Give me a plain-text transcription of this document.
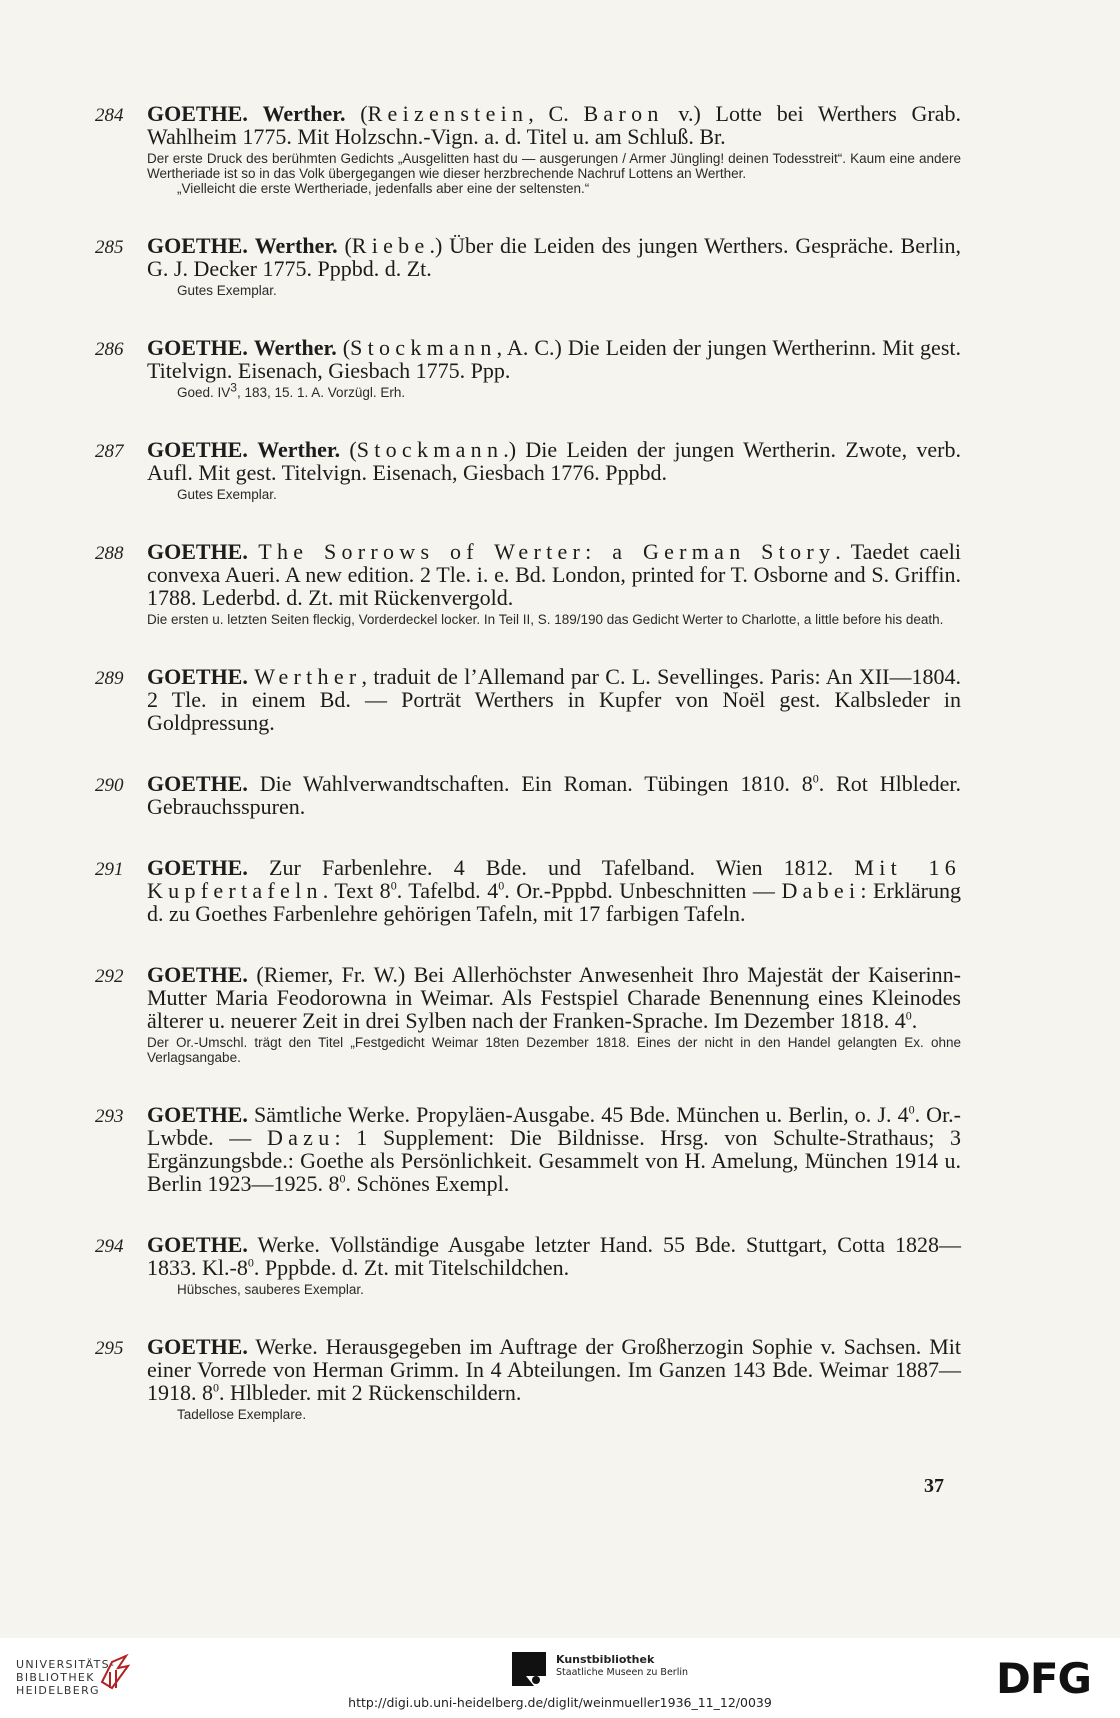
284	GOETHE. Werther. (Reizenstein, C. Baron v.) Lotte bei Werthers Grab. Wahlheim 1775. Mit Holzschn.-Vign. a. d. Titel u. am Schluß. Br.
Der erste Druck des berühmten Gedichts „Ausgelitten hast du — ausgerungen / Armer Jüngling! deinen Todesstreit“. Kaum eine andere Wertheriade ist so in das Volk übergegangen wie dieser herzbrechende Nachruf Lottens an Werther.
„Vielleicht die erste Wertheriade, jedenfalls aber eine der seltensten.“
285	GOETHE. Werther. (Riebe.) Über die Leiden des jungen Werthers. Gespräche. Berlin, G. J. Decker 1775. Pppbd. d. Zt.
Gutes Exemplar.
286	GOETHE. Werther. (Stockmann, A. C.) Die Leiden der jungen Wertherinn. Mit gest. Titelvign. Eisenach, Giesbach 1775. Ppp.
Goed. $IV^3$, 183, 15. 1. A. Vorzügl. Erh.
287	GOETHE. Werther. (Stockmann.) Die Leiden der jungen Wertherin. Zwote, verb. Aufl. Mit gest. Titelvign. Eisenach, Giesbach 1776. Pppbd.
Gutes Exemplar.
288	GOETHE. The Sorrows of Werter: a German Story. Taedet caeli convexa Aueri. A new edition. 2 Tle. i. e. Bd. London, printed for T. Osborne and S. Griffin. 1788. Lederbd. d. Zt. mit Rückenvergold.
Die ersten u. letzten Seiten fleckig, Vorderdeckel locker. In Teil II, S. 189/190 das Gedicht Werter to Charlotte, a little before his death.
289	GOETHE. Werther, traduit de l’Allemand par C. L. Sevellinges. Paris: An XII—1804. 2 Tle. in einem Bd. — Porträt Werthers in Kupfer von Noël gest. Kalbsleder in Goldpressung.
290	GOETHE. Die Wahlverwandtschaften. Ein Roman. Tübingen 1810. $8^0$. Rot Hlbleder. Gebrauchsspuren.
291	GOETHE. Zur Farbenlehre. 4 Bde. und Tafelband. Wien 1812. Mit 16 Kupfertafeln. Text $8^0$. Tafelbd. $4^0$. Or.-Pppbd. Unbeschnitten — Dabei: Erklärung d. zu Goethes Farbenlehre gehörigen Tafeln, mit 17 farbigen Tafeln.
292	GOETHE. (Riemer, Fr. W.) Bei Allerhöchster Anwesenheit Ihro Majestät der Kaiserinn-Mutter Maria Feodorowna in Weimar. Als Festspiel Charade Benennung eines Kleinodes älterer u. neuerer Zeit in drei Sylben nach der Franken-Sprache. Im Dezember 1818. $4^0$.
Der Or.-Umschl. trägt den Titel „Festgedicht Weimar 18ten Dezember 1818. Eines der nicht in den Handel gelangten Ex. ohne Verlagsangabe.
293	GOETHE. Sämtliche Werke. Propyläen-Ausgabe. 45 Bde. München u. Berlin, o. J. $4^0$. Or.-Lwbde. — Dazu: 1 Supplement: Die Bildnisse. Hrsg. von Schulte-Strathaus; 3 Ergänzungsbde.: Goethe als Persönlichkeit. Gesammelt von H. Amelung, München 1914 u. Berlin 1923—1925. $8^0$. Schönes Exempl.
294	GOETHE. Werke. Vollständige Ausgabe letzter Hand. 55 Bde. Stuttgart, Cotta 1828—1833. $Kl.-8^0$. Pppbde. d. Zt. mit Titelschildchen.
Hübsches, sauberes Exemplar.
295	GOETHE. Werke. Herausgegeben im Auftrage der Großherzogin Sophie v. Sachsen. Mit einer Vorrede von Herman Grimm. In 4 Abteilungen. Im Ganzen 143 Bde. Weimar 1887—1918. $8^0$. Hlbleder. mit 2 Rückenschildern.
Tadellose Exemplare.
37
UNIVERSITÄTS-
BIBLIOTHEK
HEIDELBERG
Kunstbibliothek
Staatliche Museen zu Berlin	DFG
http://digi.ub.uni-heidelberg.de/diglit/weinmueller1936_11_12/0039
